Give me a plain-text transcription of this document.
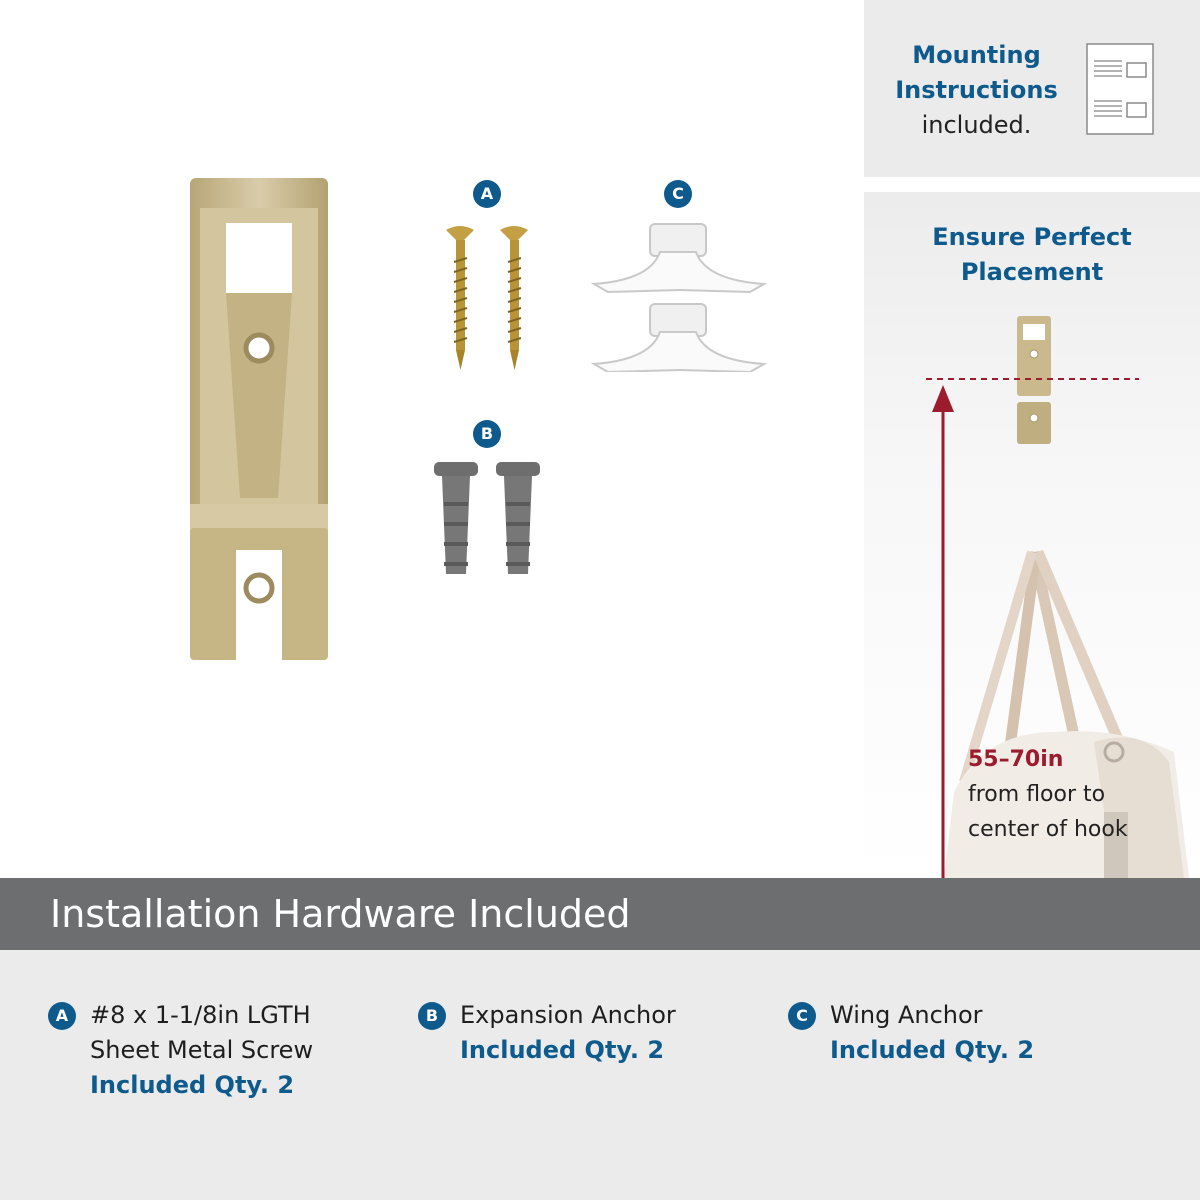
Mounting
Instructions
included.
Ensure Perfect
Placement
55–70in
from floor to
center of hook
A
B
C
Installation Hardware Included
A #8 x 1-1/8in LGTH
Sheet Metal Screw
Included Qty. 2
B Expansion Anchor
Included Qty. 2
C Wing Anchor
Included Qty. 2
